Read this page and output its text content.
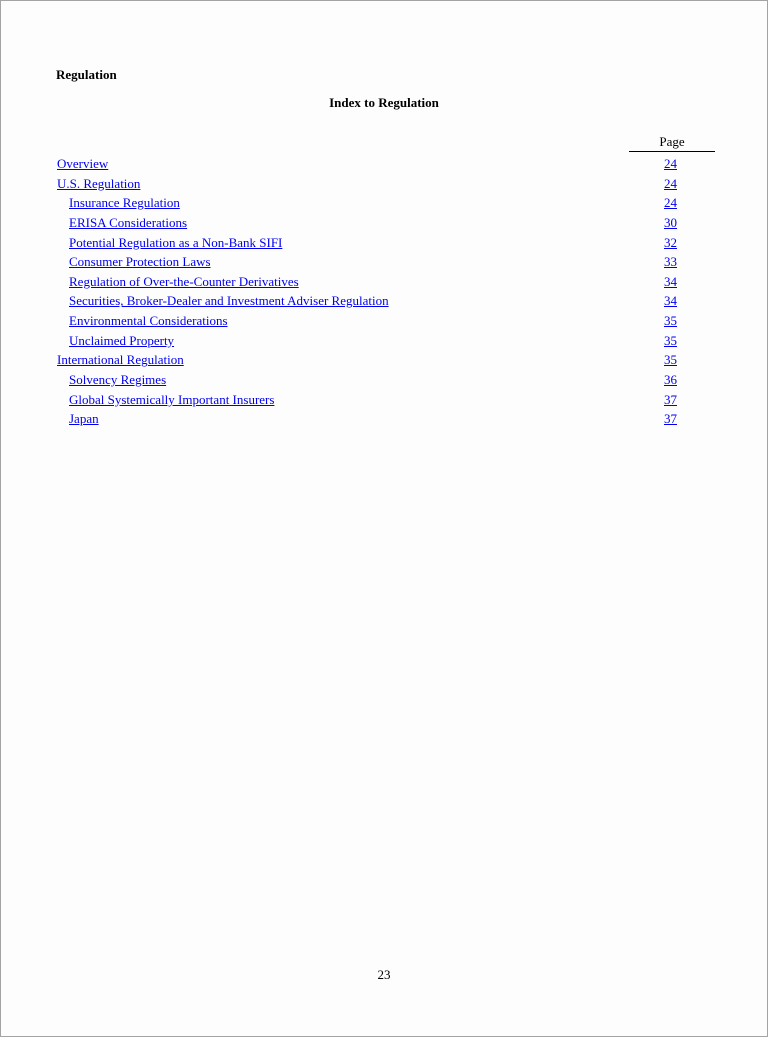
Regulation
Index to Regulation
Page
Overview	24
U.S. Regulation	24
Insurance Regulation	24
ERISA Considerations	30
Potential Regulation as a Non-Bank SIFI	32
Consumer Protection Laws	33
Regulation of Over-the-Counter Derivatives	34
Securities, Broker-Dealer and Investment Adviser Regulation	34
Environmental Considerations	35
Unclaimed Property	35
International Regulation	35
Solvency Regimes	36
Global Systemically Important Insurers	37
Japan	37
23
